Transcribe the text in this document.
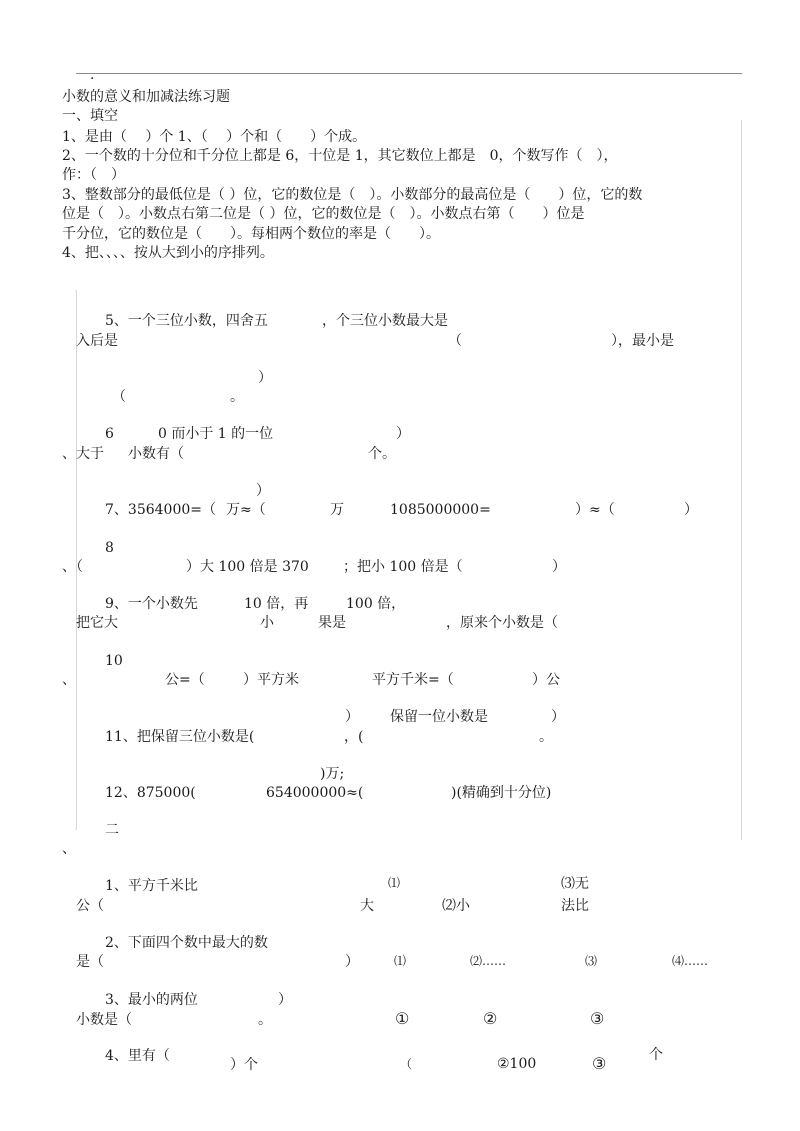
·
小数的意义和加减法练习题
一、填空
1、是由（　 ）个 1、（　 ）个和（　　）个成。
2、一个数的十分位和千分位上都是 6，十位是 1，其它数位上都是　0，个数写作（　），
作：（　）
3、整数部分的最低位是（ ）位，它的数位是（　）。小数部分的最高位是（　　）位，它的数
位是（　）。小数点右第二位是（ ）位，它的数位是（　）。小数点右第（　　）位是
千分位，它的数位是（　　）。每相两个数位的率是（　　）。
4、把、、、、按从大到小的序排列。
5、一个三位小数，四舍五	，个三位小数最大是
入后是	（	），最小是
）
（	。
6	0 而小于 1 的一位	）
、大于 小数有（	个。
）
7、3564000=（ 万≈（	万	1085000000=	）≈（	）
8
、（	）大 100 倍是 370 ；把小 100 倍是（	）
9、一个小数先	10 倍，再	100 倍，
把它大	小	果是	，原来个小数是（
10
、	公=（	）平方米	平方千米=（	）公
） 保留一位小数是	）
11、把保留三位小数是(	，(	。
)万;
12、875000(	654000000≈(	)(精确到十分位)
二
、
1、平方千米比	⑴	⑶无
公（	大	⑵小	法比
2、下面四个数中最大的数
是（	）	⑴	⑵……	⑶	⑷……
3、最小的两位	）
小数是（	。	①	②	③
4、里有（	个
）个	（	②100	③
